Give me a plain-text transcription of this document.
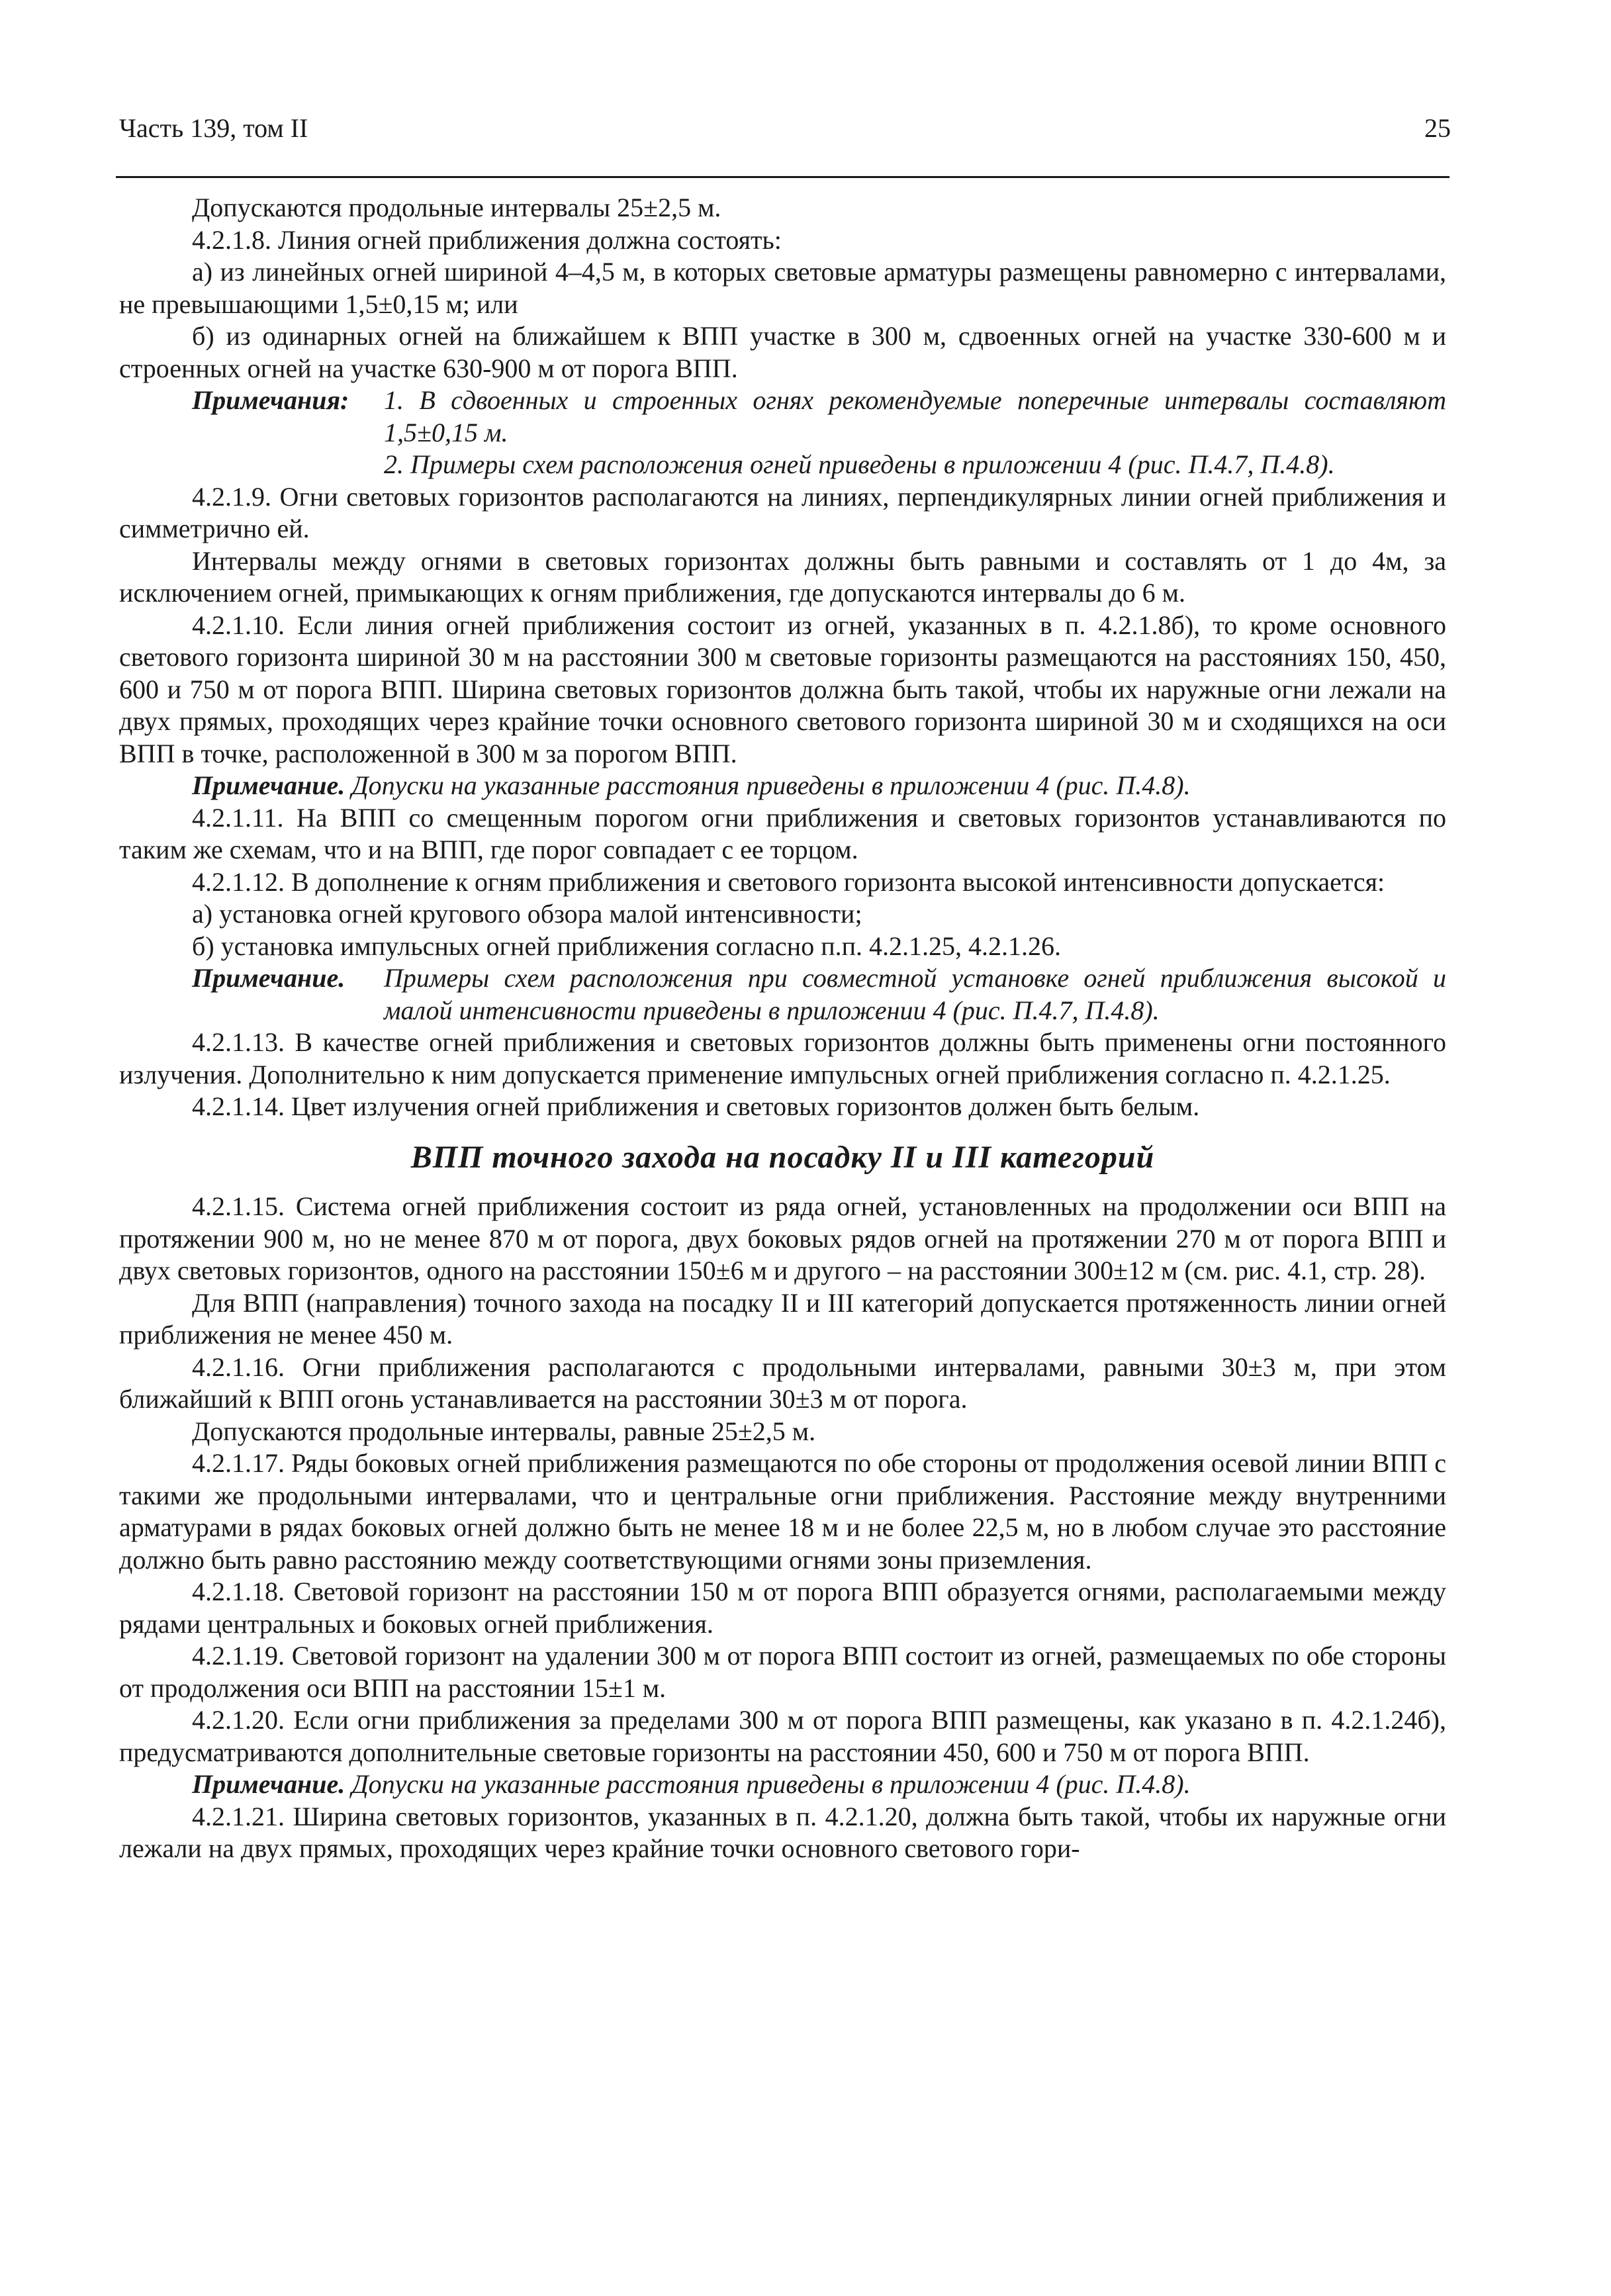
Часть 139, том II	25

Допускаются продольные интервалы 25±2,5 м.

4.2.1.8. Линия огней приближения должна состоять:

а) из линейных огней шириной 4–4,5 м, в которых световые арматуры размещены равномерно с интервалами, не превышающими 1,5±0,15 м; или

б) из одинарных огней на ближайшем к ВПП участке в 300 м, сдвоенных огней на участке 330-600 м и строенных огней на участке 630-900 м от порога ВПП.

Примечания: 1. В сдвоенных и строенных огнях рекомендуемые поперечные интервалы составляют 1,5±0,15 м.

2. Примеры схем расположения огней приведены в приложении 4 (рис. П.4.7, П.4.8).

4.2.1.9. Огни световых горизонтов располагаются на линиях, перпендикулярных линии огней приближения и симметрично ей.

Интервалы между огнями в световых горизонтах должны быть равными и составлять от 1 до 4м, за исключением огней, примыкающих к огням приближения, где допускаются интервалы до 6 м.

4.2.1.10. Если линия огней приближения состоит из огней, указанных в п. 4.2.1.8б), то кроме основного светового горизонта шириной 30 м на расстоянии 300 м световые горизонты размещаются на расстояниях 150, 450, 600 и 750 м от порога ВПП. Ширина световых горизонтов должна быть такой, чтобы их наружные огни лежали на двух прямых, проходящих через крайние точки основного светового горизонта шириной 30 м и сходящихся на оси ВПП в точке, расположенной в 300 м за порогом ВПП.

Примечание. Допуски на указанные расстояния приведены в приложении 4 (рис. П.4.8).

4.2.1.11. На ВПП со смещенным порогом огни приближения и световых горизонтов устанавливаются по таким же схемам, что и на ВПП, где порог совпадает с ее торцом.

4.2.1.12. В дополнение к огням приближения и светового горизонта высокой интенсивности допускается:

а) установка огней кругового обзора малой интенсивности;

б) установка импульсных огней приближения согласно п.п. 4.2.1.25, 4.2.1.26.

Примечание. Примеры схем расположения при совместной установке огней приближения высокой и малой интенсивности приведены в приложении 4 (рис. П.4.7, П.4.8).

4.2.1.13. В качестве огней приближения и световых горизонтов должны быть применены огни постоянного излучения. Дополнительно к ним допускается применение импульсных огней приближения согласно п. 4.2.1.25.

4.2.1.14. Цвет излучения огней приближения и световых горизонтов должен быть белым.

ВПП точного захода на посадку II и III категорий

4.2.1.15. Система огней приближения состоит из ряда огней, установленных на продолжении оси ВПП на протяжении 900 м, но не менее 870 м от порога, двух боковых рядов огней на протяжении 270 м от порога ВПП и двух световых горизонтов, одного на расстоянии 150±6 м и другого – на расстоянии 300±12 м (см. рис. 4.1, стр. 28).

Для ВПП (направления) точного захода на посадку II и III категорий допускается протяженность линии огней приближения не менее 450 м.

4.2.1.16. Огни приближения располагаются с продольными интервалами, равными 30±3 м, при этом ближайший к ВПП огонь устанавливается на расстоянии 30±3 м от порога.

Допускаются продольные интервалы, равные 25±2,5 м.

4.2.1.17. Ряды боковых огней приближения размещаются по обе стороны от продолжения осевой линии ВПП с такими же продольными интервалами, что и центральные огни приближения. Расстояние между внутренними арматурами в рядах боковых огней должно быть не менее 18 м и не более 22,5 м, но в любом случае это расстояние должно быть равно расстоянию между соответствующими огнями зоны приземления.

4.2.1.18. Световой горизонт на расстоянии 150 м от порога ВПП образуется огнями, располагаемыми между рядами центральных и боковых огней приближения.

4.2.1.19. Световой горизонт на удалении 300 м от порога ВПП состоит из огней, размещаемых по обе стороны от продолжения оси ВПП на расстоянии 15±1 м.

4.2.1.20. Если огни приближения за пределами 300 м от порога ВПП размещены, как указано в п. 4.2.1.24б), предусматриваются дополнительные световые горизонты на расстоянии 450, 600 и 750 м от порога ВПП.

Примечание. Допуски на указанные расстояния приведены в приложении 4 (рис. П.4.8).

4.2.1.21. Ширина световых горизонтов, указанных в п. 4.2.1.20, должна быть такой, чтобы их наружные огни лежали на двух прямых, проходящих через крайние точки основного светового гори-
